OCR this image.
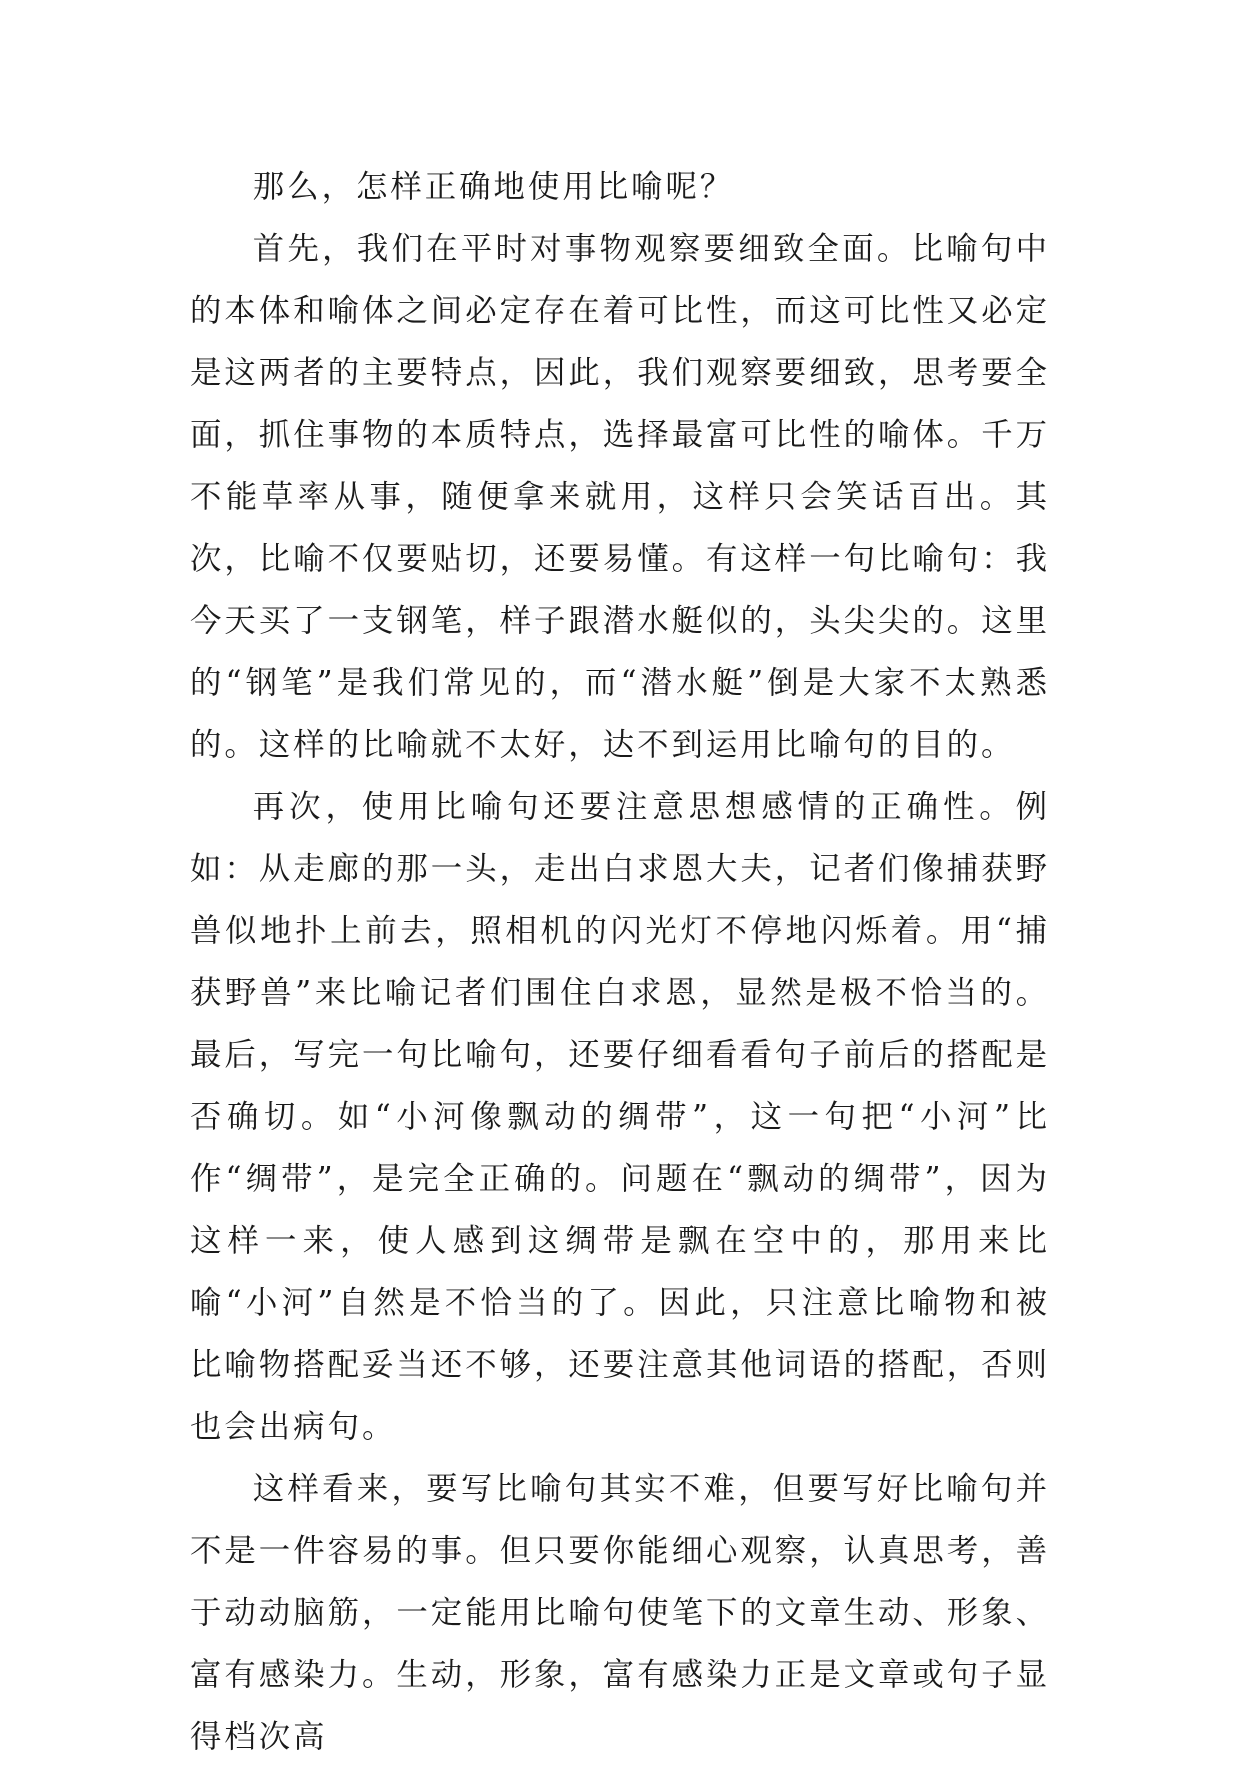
那么，怎样正确地使用比喻呢？

首先，我们在平时对事物观察要细致全面。比喻句中的本体和喻体之间必定存在着可比性，而这可比性又必定是这两者的主要特点，因此，我们观察要细致，思考要全面，抓住事物的本质特点，选择最富可比性的喻体。千万不能草率从事，随便拿来就用，这样只会笑话百出。其次，比喻不仅要贴切，还要易懂。有这样一句比喻句：我今天买了一支钢笔，样子跟潜水艇似的，头尖尖的。这里的“钢笔”是我们常见的，而“潜水艇”倒是大家不太熟悉的。这样的比喻就不太好，达不到运用比喻句的目的。

再次，使用比喻句还要注意思想感情的正确性。例如：从走廊的那一头，走出白求恩大夫，记者们像捕获野兽似地扑上前去，照相机的闪光灯不停地闪烁着。用“捕获野兽”来比喻记者们围住白求恩，显然是极不恰当的。最后，写完一句比喻句，还要仔细看看句子前后的搭配是否确切。如“小河像飘动的绸带”，这一句把“小河”比作“绸带”，是完全正确的。问题在“飘动的绸带”，因为这样一来，使人感到这绸带是飘在空中的，那用来比喻“小河”自然是不恰当的了。因此，只注意比喻物和被比喻物搭配妥当还不够，还要注意其他词语的搭配，否则也会出病句。

这样看来，要写比喻句其实不难，但要写好比喻句并不是一件容易的事。但只要你能细心观察，认真思考，善于动动脑筋，一定能用比喻句使笔下的文章生动、形象、富有感染力。生动，形象，富有感染力正是文章或句子显得档次高
